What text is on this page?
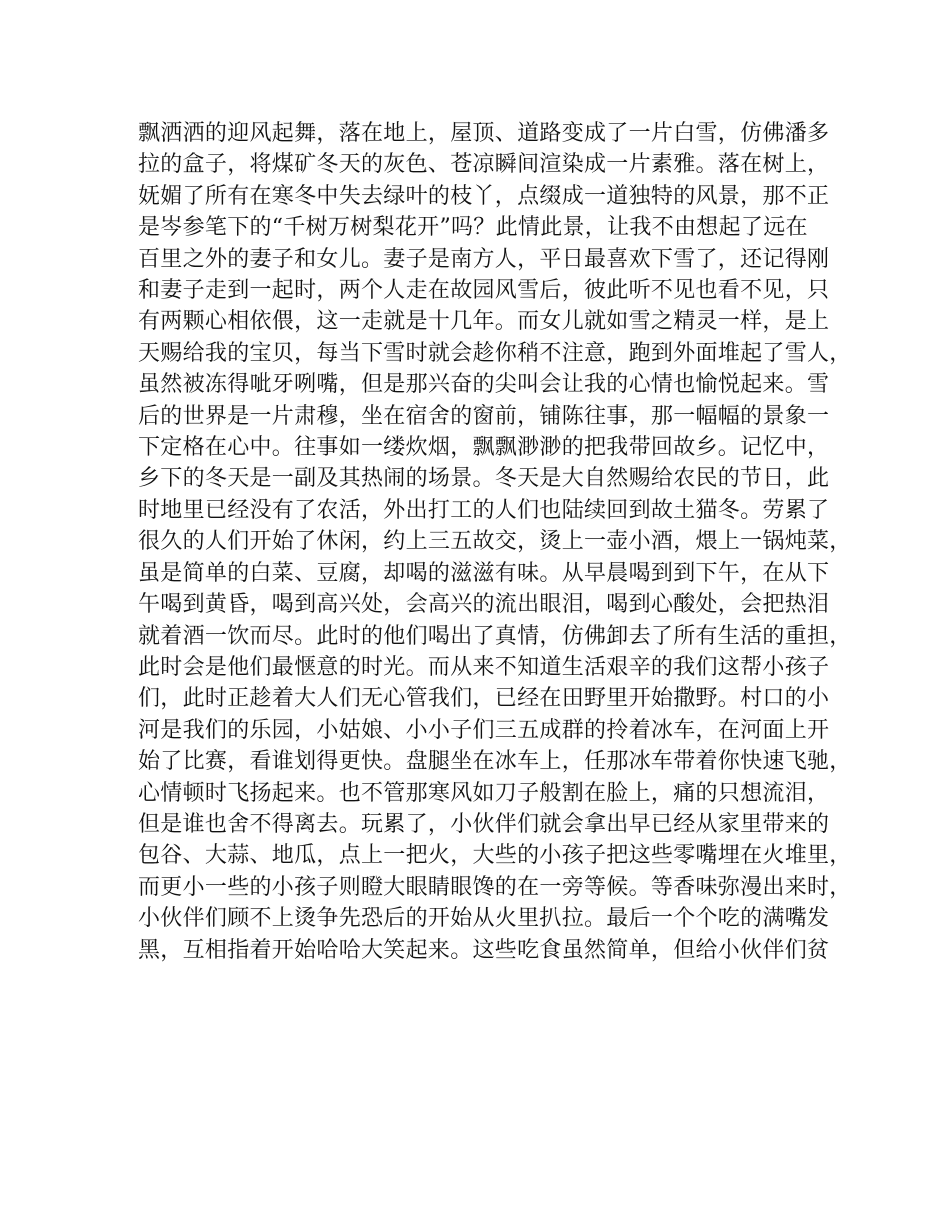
飘洒洒的迎风起舞，落在地上，屋顶、道路变成了一片白雪，仿佛潘多
拉的盒子，将煤矿冬天的灰色、苍凉瞬间渲染成一片素雅。落在树上，
妩媚了所有在寒冬中失去绿叶的枝丫，点缀成一道独特的风景，那不正
是岑参笔下的“千树万树梨花开”吗？此情此景，让我不由想起了远在
百里之外的妻子和女儿。妻子是南方人，平日最喜欢下雪了，还记得刚
和妻子走到一起时，两个人走在故园风雪后，彼此听不见也看不见，只
有两颗心相依偎，这一走就是十几年。而女儿就如雪之精灵一样，是上
天赐给我的宝贝，每当下雪时就会趁你稍不注意，跑到外面堆起了雪人，
虽然被冻得呲牙咧嘴，但是那兴奋的尖叫会让我的心情也愉悦起来。雪
后的世界是一片肃穆，坐在宿舍的窗前，铺陈往事，那一幅幅的景象一
下定格在心中。往事如一缕炊烟，飘飘渺渺的把我带回故乡。记忆中，
乡下的冬天是一副及其热闹的场景。冬天是大自然赐给农民的节日，此
时地里已经没有了农活，外出打工的人们也陆续回到故土猫冬。劳累了
很久的人们开始了休闲，约上三五故交，烫上一壶小酒，煨上一锅炖菜，
虽是简单的白菜、豆腐，却喝的滋滋有味。从早晨喝到到下午，在从下
午喝到黄昏，喝到高兴处，会高兴的流出眼泪，喝到心酸处，会把热泪
就着酒一饮而尽。此时的他们喝出了真情，仿佛卸去了所有生活的重担，
此时会是他们最惬意的时光。而从来不知道生活艰辛的我们这帮小孩子
们，此时正趁着大人们无心管我们，已经在田野里开始撒野。村口的小
河是我们的乐园，小姑娘、小小子们三五成群的拎着冰车，在河面上开
始了比赛，看谁划得更快。盘腿坐在冰车上，任那冰车带着你快速飞驰，
心情顿时飞扬起来。也不管那寒风如刀子般割在脸上，痛的只想流泪，
但是谁也舍不得离去。玩累了，小伙伴们就会拿出早已经从家里带来的
包谷、大蒜、地瓜，点上一把火，大些的小孩子把这些零嘴埋在火堆里，
而更小一些的小孩子则瞪大眼睛眼馋的在一旁等候。等香味弥漫出来时，
小伙伴们顾不上烫争先恐后的开始从火里扒拉。最后一个个吃的满嘴发
黑，互相指着开始哈哈大笑起来。这些吃食虽然简单，但给小伙伴们贫
